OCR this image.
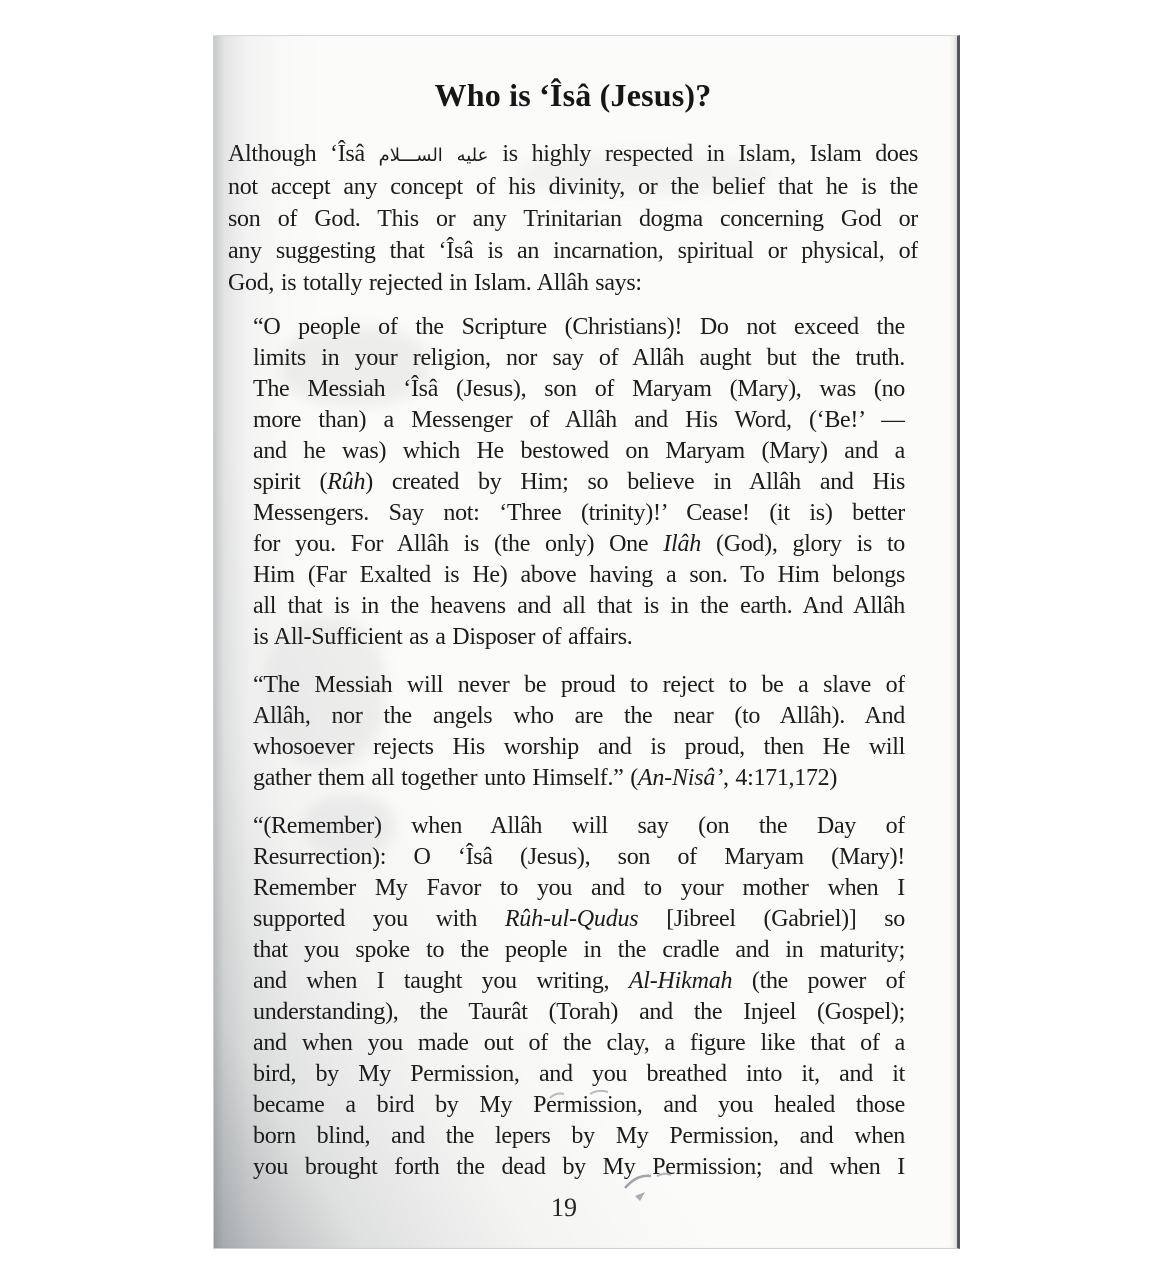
Who is ‘Îsâ (Jesus)?
Although ‘Îsâ عليه الســـلام is highly respected in Islam, Islam does
not accept any concept of his divinity, or the belief that he is the
son of God. This or any Trinitarian dogma concerning God or
any suggesting that ‘Îsâ is an incarnation, spiritual or physical, of
God, is totally rejected in Islam. Allâh says:
“O people of the Scripture (Christians)! Do not exceed the
limits in your religion, nor say of Allâh aught but the truth.
The Messiah ‘Îsâ (Jesus), son of Maryam (Mary), was (no
more than) a Messenger of Allâh and His Word, (‘Be!’ —
and he was) which He bestowed on Maryam (Mary) and a
spirit (Rûh) created by Him; so believe in Allâh and His
Messengers. Say not: ‘Three (trinity)!’ Cease! (it is) better
for you. For Allâh is (the only) One Ilâh (God), glory is to
Him (Far Exalted is He) above having a son. To Him belongs
all that is in the heavens and all that is in the earth. And Allâh
is All-Sufficient as a Disposer of affairs.
“The Messiah will never be proud to reject to be a slave of
Allâh, nor the angels who are the near (to Allâh). And
whosoever rejects His worship and is proud, then He will
gather them all together unto Himself.” (An-Nisâ’, 4:171,172)
“(Remember) when Allâh will say (on the Day of
Resurrection): O ‘Îsâ (Jesus), son of Maryam (Mary)!
Remember My Favor to you and to your mother when I
supported you with Rûh-ul-Qudus [Jibreel (Gabriel)] so
that you spoke to the people in the cradle and in maturity;
and when I taught you writing, Al-Hikmah (the power of
understanding), the Taurât (Torah) and the Injeel (Gospel);
and when you made out of the clay, a figure like that of a
bird, by My Permission, and you breathed into it, and it
became a bird by My Permission, and you healed those
born blind, and the lepers by My Permission, and when
you brought forth the dead by My Permission; and when I
19
